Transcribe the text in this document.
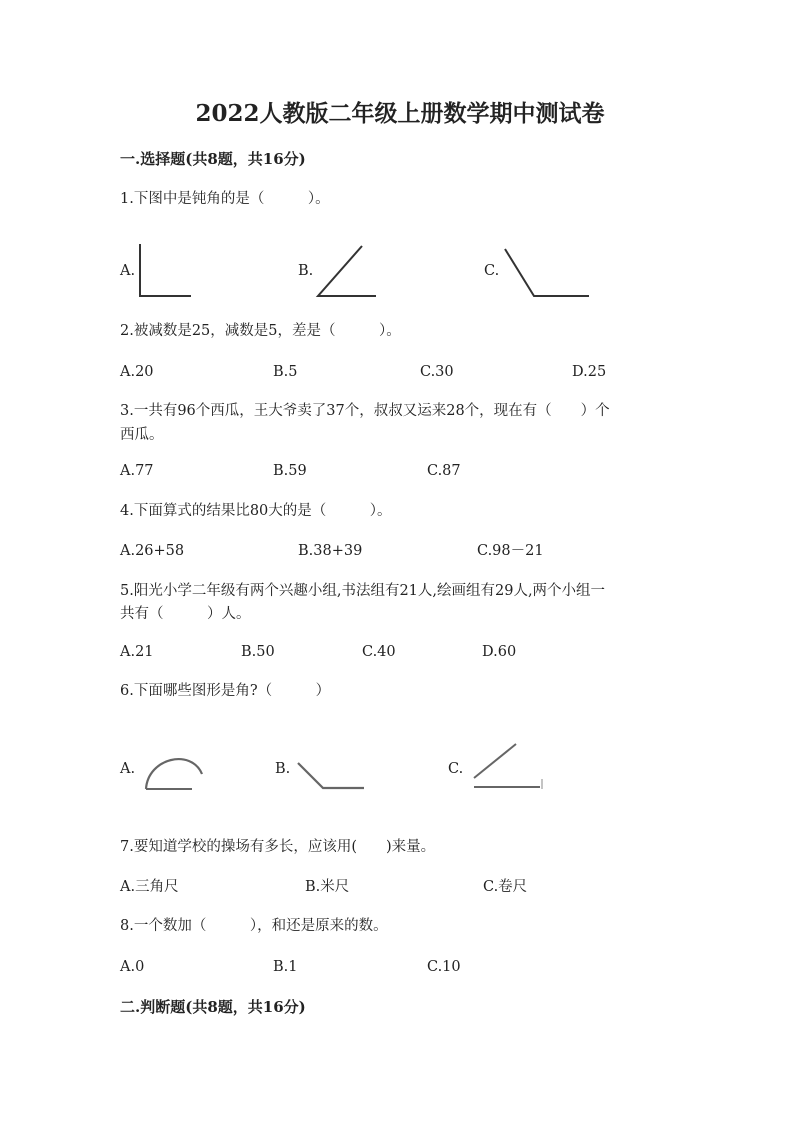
2022人教版二年级上册数学期中测试卷
一.选择题(共8题，共16分)
1.下图中是钝角的是（　　　）。
A.	B.	C.
2.被减数是25，减数是5，差是（　　　）。
A.20	B.5	C.30	D.25
3.一共有96个西瓜，王大爷卖了37个，叔叔又运来28个，现在有（　　）个
西瓜。
A.77	B.59	C.87
4.下面算式的结果比80大的是（　　　）。
A.26+58	B.38+39	C.98－21
5.阳光小学二年级有两个兴趣小组,书法组有21人,绘画组有29人,两个小组一
共有（　　　）人。
A.21	B.50	C.40	D.60
6.下面哪些图形是角?（　　　）
A.	B.	C.
7.要知道学校的操场有多长，应该用(　　)来量。
A.三角尺	B.米尺	C.卷尺
8.一个数加（　　　），和还是原来的数。
A.0	B.1	C.10
二.判断题(共8题，共16分)
